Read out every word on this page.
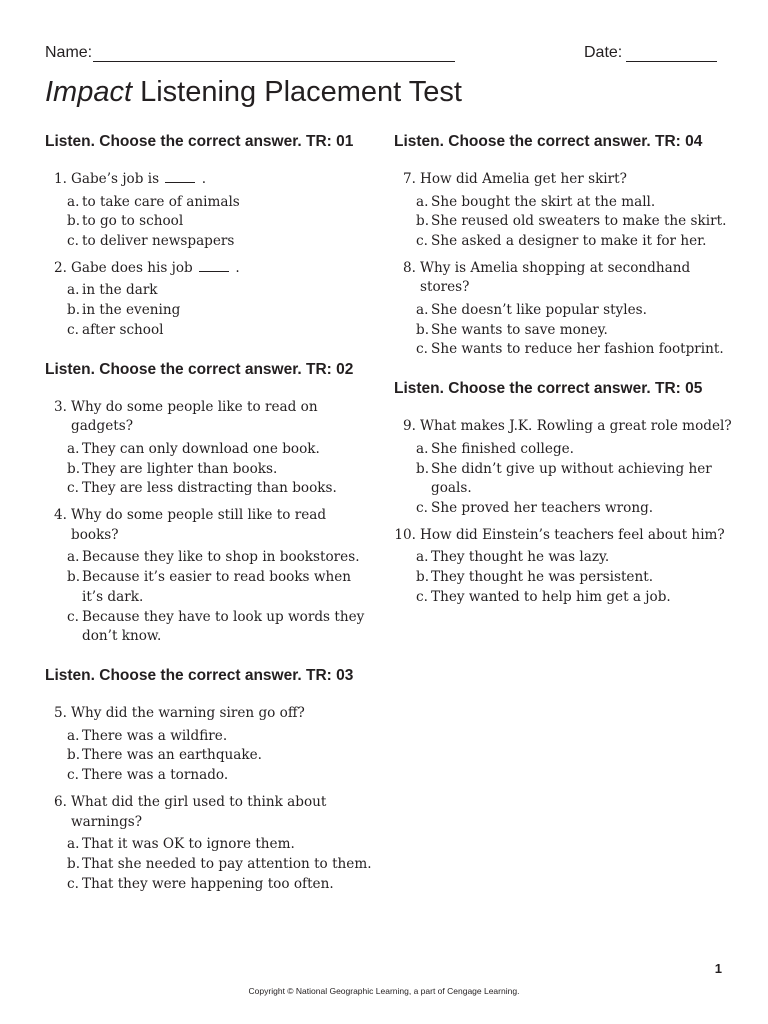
Name:	Date:
Impact Listening Placement Test
Listen. Choose the correct answer. TR: 01
1. Gabe’s job is	.
a. to take care of animals
b. to go to school
c. to deliver newspapers
2. Gabe does his job	.
a. in the dark
b. in the evening
c. after school
Listen. Choose the correct answer. TR: 02
3. Why do some people like to read on gadgets?
a. They can only download one book.
b. They are lighter than books.
c. They are less distracting than books.
4. Why do some people still like to read books?
a. Because they like to shop in bookstores.
b. Because it’s easier to read books when it’s dark.
c. Because they have to look up words they don’t know.
Listen. Choose the correct answer. TR: 03
5. Why did the warning siren go off?
a. There was a wildfire.
b. There was an earthquake.
c. There was a tornado.
6. What did the girl used to think about warnings?
a. That it was OK to ignore them.
b. That she needed to pay attention to them.
c. That they were happening too often.
Listen. Choose the correct answer. TR: 04
7. How did Amelia get her skirt?
a. She bought the skirt at the mall.
b. She reused old sweaters to make the skirt.
c. She asked a designer to make it for her.
8. Why is Amelia shopping at secondhand stores?
a. She doesn’t like popular styles.
b. She wants to save money.
c. She wants to reduce her fashion footprint.
Listen. Choose the correct answer. TR: 05
9. What makes J.K. Rowling a great role model?
a. She finished college.
b. She didn’t give up without achieving her goals.
c. She proved her teachers wrong.
10. How did Einstein’s teachers feel about him?
a. They thought he was lazy.
b. They thought he was persistent.
c. They wanted to help him get a job.
1
Copyright © National Geographic Learning, a part of Cengage Learning.
